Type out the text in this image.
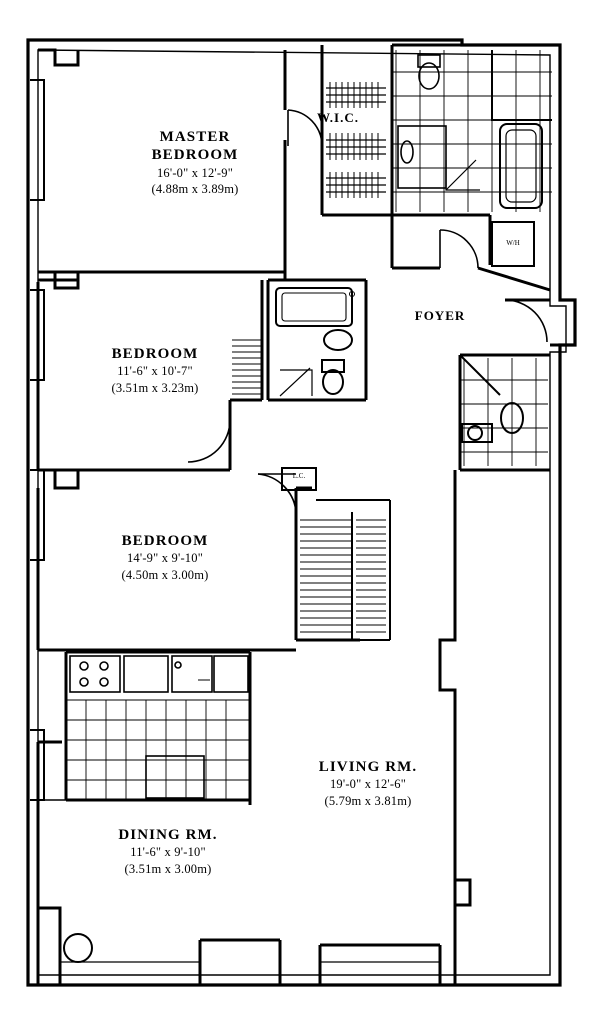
MASTER
BEDROOM
16'-0" x 12'-9"
(4.88m x 3.89m)
W.I.C.
BEDROOM
11'-6" x 10'-7"
(3.51m x 3.23m)
FOYER
BEDROOM
14'-9" x 9'-10"
(4.50m x 3.00m)
LIVING RM.
19'-0" x 12'-6"
(5.79m x 3.81m)
DINING RM.
11'-6" x 9'-10"
(3.51m x 3.00m)
W/H
L.C.
